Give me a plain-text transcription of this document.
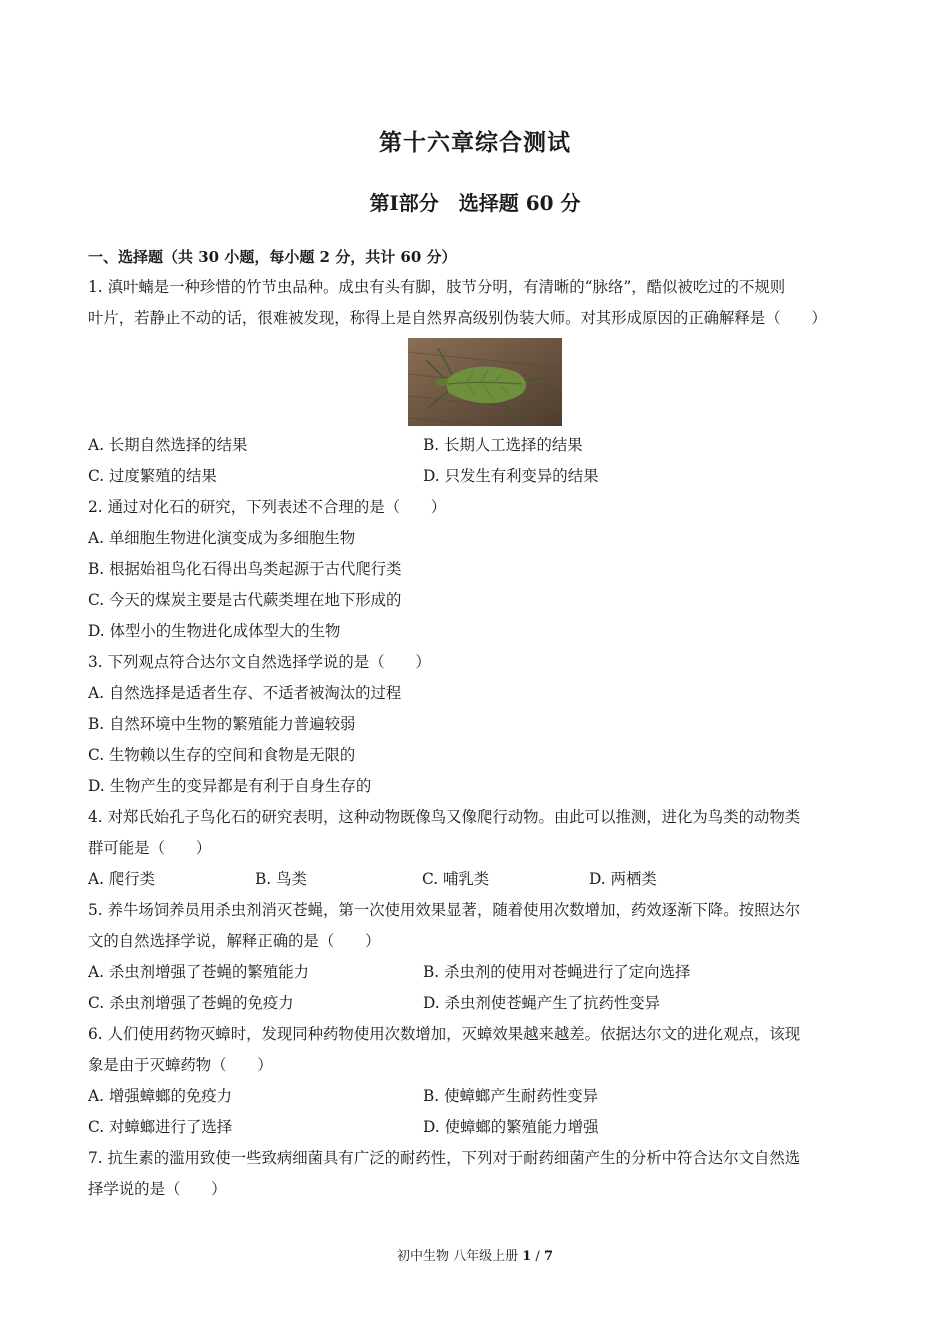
第十六章综合测试
第Ⅰ部分　选择题 60 分
一、选择题（共 30 小题，每小题 2 分，共计 60 分）
1. 滇叶蝻是一种珍惜的竹节虫品种。成虫有头有脚，肢节分明，有清晰的“脉络”，酷似被吃过的不规则
叶片，若静止不动的话，很难被发现，称得上是自然界高级别伪装大师。对其形成原因的正确解释是（　　）
A. 长期自然选择的结果	B. 长期人工选择的结果
C. 过度繁殖的结果	D. 只发生有利变异的结果
2. 通过对化石的研究，下列表述不合理的是（　　）
A. 单细胞生物进化演变成为多细胞生物
B. 根据始祖鸟化石得出鸟类起源于古代爬行类
C. 今天的煤炭主要是古代蕨类埋在地下形成的
D. 体型小的生物进化成体型大的生物
3. 下列观点符合达尔文自然选择学说的是（　　）
A. 自然选择是适者生存、不适者被淘汰的过程
B. 自然环境中生物的繁殖能力普遍较弱
C. 生物赖以生存的空间和食物是无限的
D. 生物产生的变异都是有利于自身生存的
4. 对郑氏始孔子鸟化石的研究表明，这种动物既像鸟又像爬行动物。由此可以推测，进化为鸟类的动物类
群可能是（　　）
A. 爬行类	B. 鸟类	C. 哺乳类	D. 两栖类
5. 养牛场饲养员用杀虫剂消灭苍蝇，第一次使用效果显著，随着使用次数增加，药效逐渐下降。按照达尔
文的自然选择学说，解释正确的是（　　）
A. 杀虫剂增强了苍蝇的繁殖能力	B. 杀虫剂的使用对苍蝇进行了定向选择
C. 杀虫剂增强了苍蝇的免疫力	D. 杀虫剂使苍蝇产生了抗药性变异
6. 人们使用药物灭蟑时，发现同种药物使用次数增加，灭蟑效果越来越差。依据达尔文的进化观点，该现
象是由于灭蟑药物（　　）
A. 增强蟑螂的免疫力	B. 使蟑螂产生耐药性变异
C. 对蟑螂进行了选择	D. 使蟑螂的繁殖能力增强
7. 抗生素的滥用致使一些致病细菌具有广泛的耐药性，下列对于耐药细菌产生的分析中符合达尔文自然选
择学说的是（　　）
初中生物 八年级上册 1 / 7
